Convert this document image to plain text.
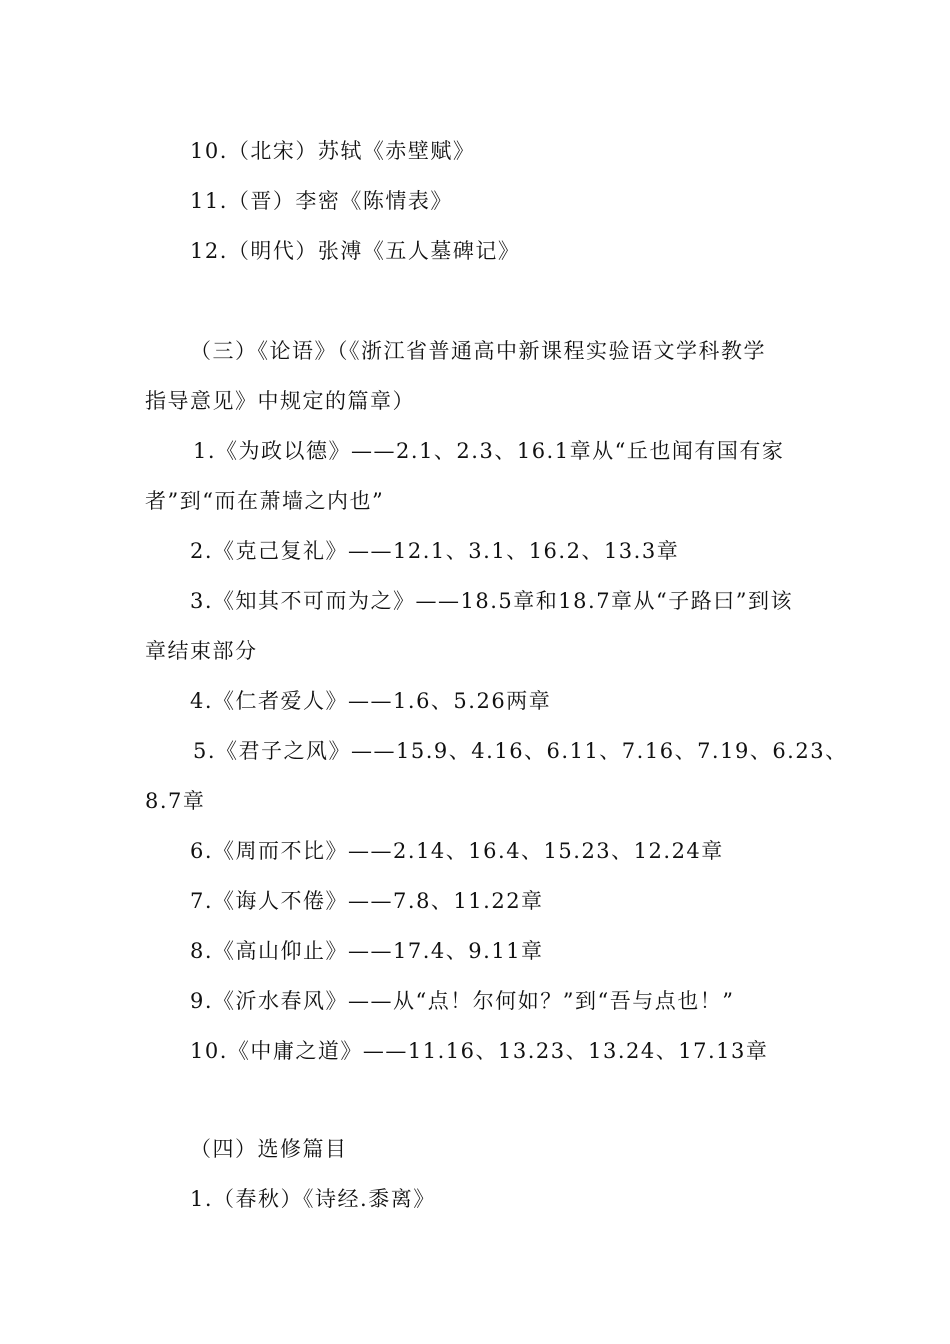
10.（北宋）苏轼《赤壁赋》
11.（晋）李密《陈情表》
12.（明代）张溥《五人墓碑记》
（三）《论语》（《浙江省普通高中新课程实验语文学科教学
指导意见》中规定的篇章）
1.《为政以德》——2.1、2.3、16.1章从“丘也闻有国有家
者”到“而在萧墙之内也”
2.《克己复礼》——12.1、3.1、16.2、13.3章
3.《知其不可而为之》——18.5章和18.7章从“子路曰”到该
章结束部分
4.《仁者爱人》——1.6、5.26两章
5.《君子之风》——15.9、4.16、6.11、7.16、7.19、6.23、
8.7章
6.《周而不比》——2.14、16.4、15.23、12.24章
7.《诲人不倦》——7.8、11.22章
8.《高山仰止》——17.4、9.11章
9.《沂水春风》——从“点！尔何如？”到“吾与点也！”
10.《中庸之道》——11.16、13.23、13.24、17.13章
（四）选修篇目
1.（春秋）《诗经.黍离》
